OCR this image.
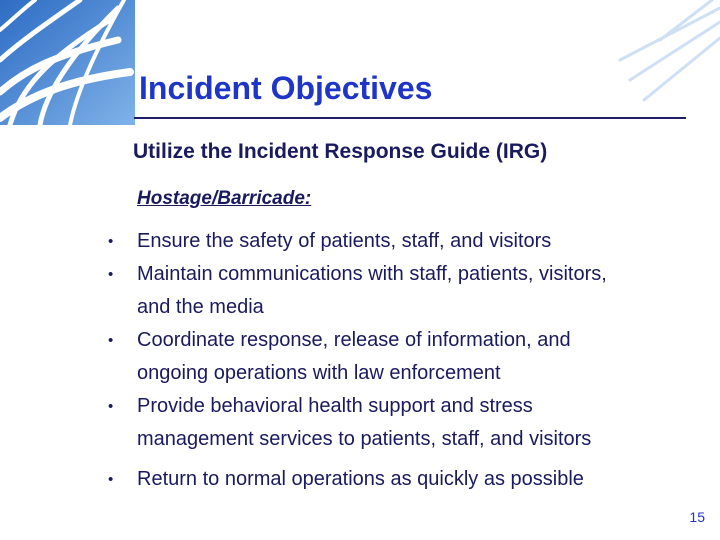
Incident Objectives
Utilize the Incident Response Guide (IRG)
Hostage/Barricade:
• Ensure the safety of patients, staff, and visitors
• Maintain communications with staff, patients, visitors,
and the media
• Coordinate response, release of information, and
ongoing operations with law enforcement
• Provide behavioral health support and stress
management services to patients, staff, and visitors
• Return to normal operations as quickly as possible
15
